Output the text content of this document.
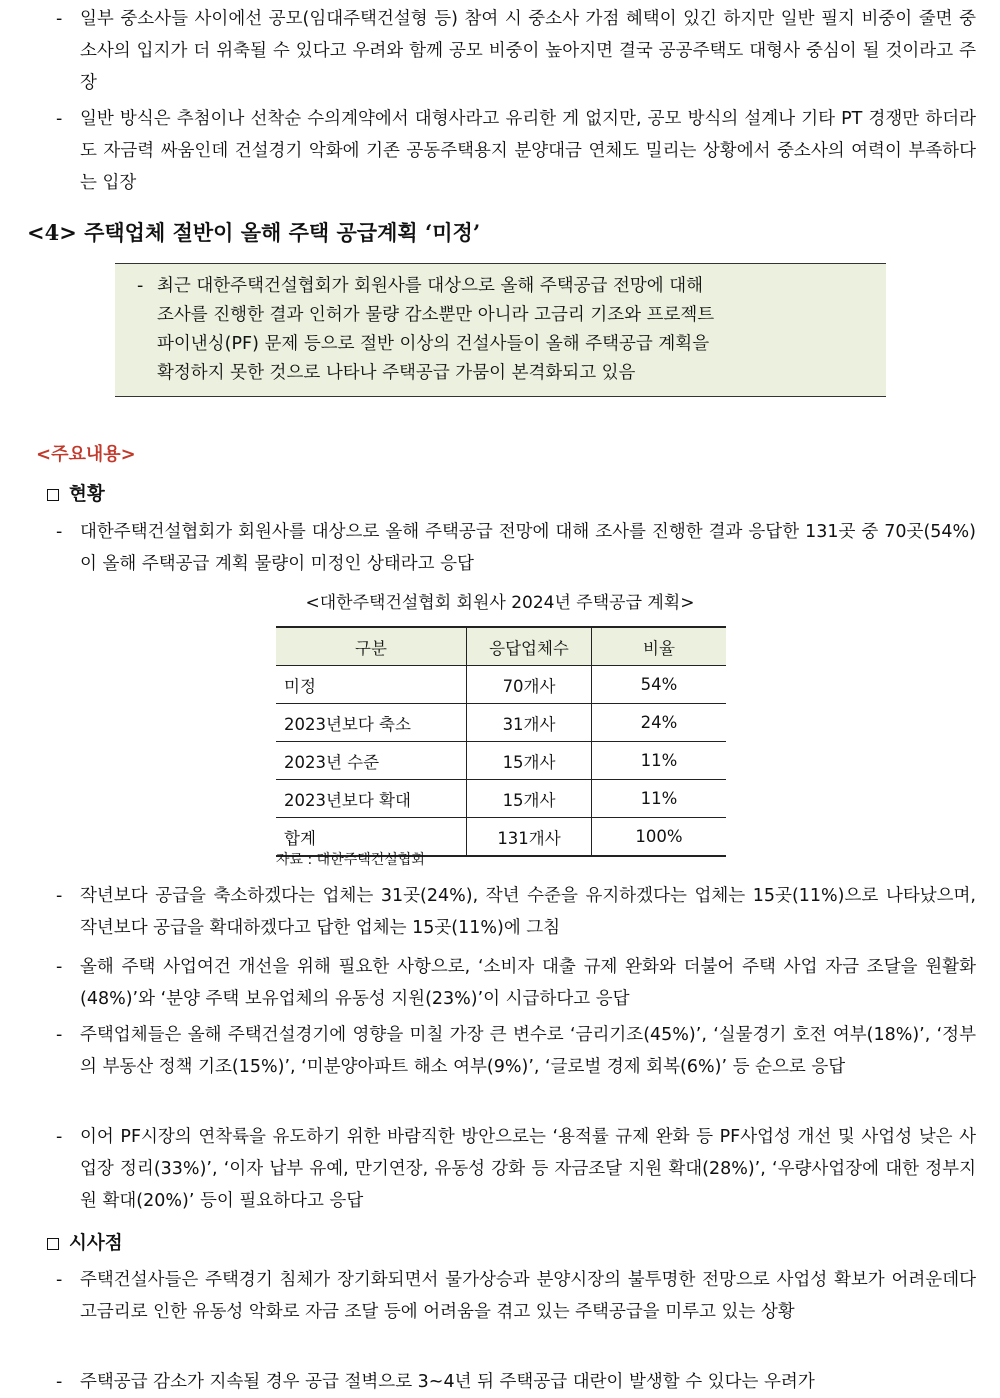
- 일부 중소사들 사이에선 공모(임대주택건설형 등) 참여 시 중소사 가점 혜택이 있긴 하지만 일반 필지 비중이 줄면 중소사의 입지가 더 위축될 수 있다고 우려와 함께 공모 비중이 높아지면 결국 공공주택도 대형사 중심이 될 것이라고 주장
- 일반 방식은 추첨이나 선착순 수의계약에서 대형사라고 유리한 게 없지만, 공모 방식의 설계나 기타 PT 경쟁만 하더라도 자금력 싸움인데 건설경기 악화에 기존 공동주택용지 분양대금 연체도 밀리는 상황에서 중소사의 여력이 부족하다는 입장
<4> 주택업체 절반이 올해 주택 공급계획 ‘미정’
- 최근 대한주택건설협회가 회원사를 대상으로 올해 주택공급 전망에 대해
조사를 진행한 결과 인허가 물량 감소뿐만 아니라 고금리 기조와 프로젝트
파이낸싱(PF) 문제 등으로 절반 이상의 건설사들이 올해 주택공급 계획을
확정하지 못한 것으로 나타나 주택공급 가뭄이 본격화되고 있음
<주요내용>
현황
- 대한주택건설협회가 회원사를 대상으로 올해 주택공급 전망에 대해 조사를 진행한 결과 응답한 131곳 중 70곳(54%)이 올해 주택공급 계획 물량이 미정인 상태라고 응답
<대한주택건설협회 회원사 2024년 주택공급 계획>
구분	응답업체수	비율
미정	70개사	54%
2023년보다 축소	31개사	24%
2023년 수준	15개사	11%
2023년보다 확대	15개사	11%
합계	131개사	100%
자료 : 대한주택건설협회
- 작년보다 공급을 축소하겠다는 업체는 31곳(24%), 작년 수준을 유지하겠다는 업체는 15곳(11%)으로 나타났으며, 작년보다 공급을 확대하겠다고 답한 업체는 15곳(11%)에 그침
- 올해 주택 사업여건 개선을 위해 필요한 사항으로, ‘소비자 대출 규제 완화와 더불어 주택 사업 자금 조달을 원활화(48%)’와 ‘분양 주택 보유업체의 유동성 지원(23%)’이 시급하다고 응답
- 주택업체들은 올해 주택건설경기에 영향을 미칠 가장 큰 변수로 ‘금리기조(45%)’, ‘실물경기 호전 여부(18%)’, ‘정부의 부동산 정책 기조(15%)’, ‘미분양아파트 해소 여부(9%)’, ‘글로벌 경제 회복(6%)’ 등 순으로 응답
- 이어 PF시장의 연착륙을 유도하기 위한 바람직한 방안으로는 ‘용적률 규제 완화 등 PF사업성 개선 및 사업성 낮은 사업장 정리(33%)’, ‘이자 납부 유예, 만기연장, 유동성 강화 등 자금조달 지원 확대(28%)’, ‘우량사업장에 대한 정부지원 확대(20%)’ 등이 필요하다고 응답
시사점
- 주택건설사들은 주택경기 침체가 장기화되면서 물가상승과 분양시장의 불투명한 전망으로 사업성 확보가 어려운데다 고금리로 인한 유동성 악화로 자금 조달 등에 어려움을 겪고 있는 주택공급을 미루고 있는 상황
- 주택공급 감소가 지속될 경우 공급 절벽으로 3~4년 뒤 주택공급 대란이 발생할 수 있다는 우려가
